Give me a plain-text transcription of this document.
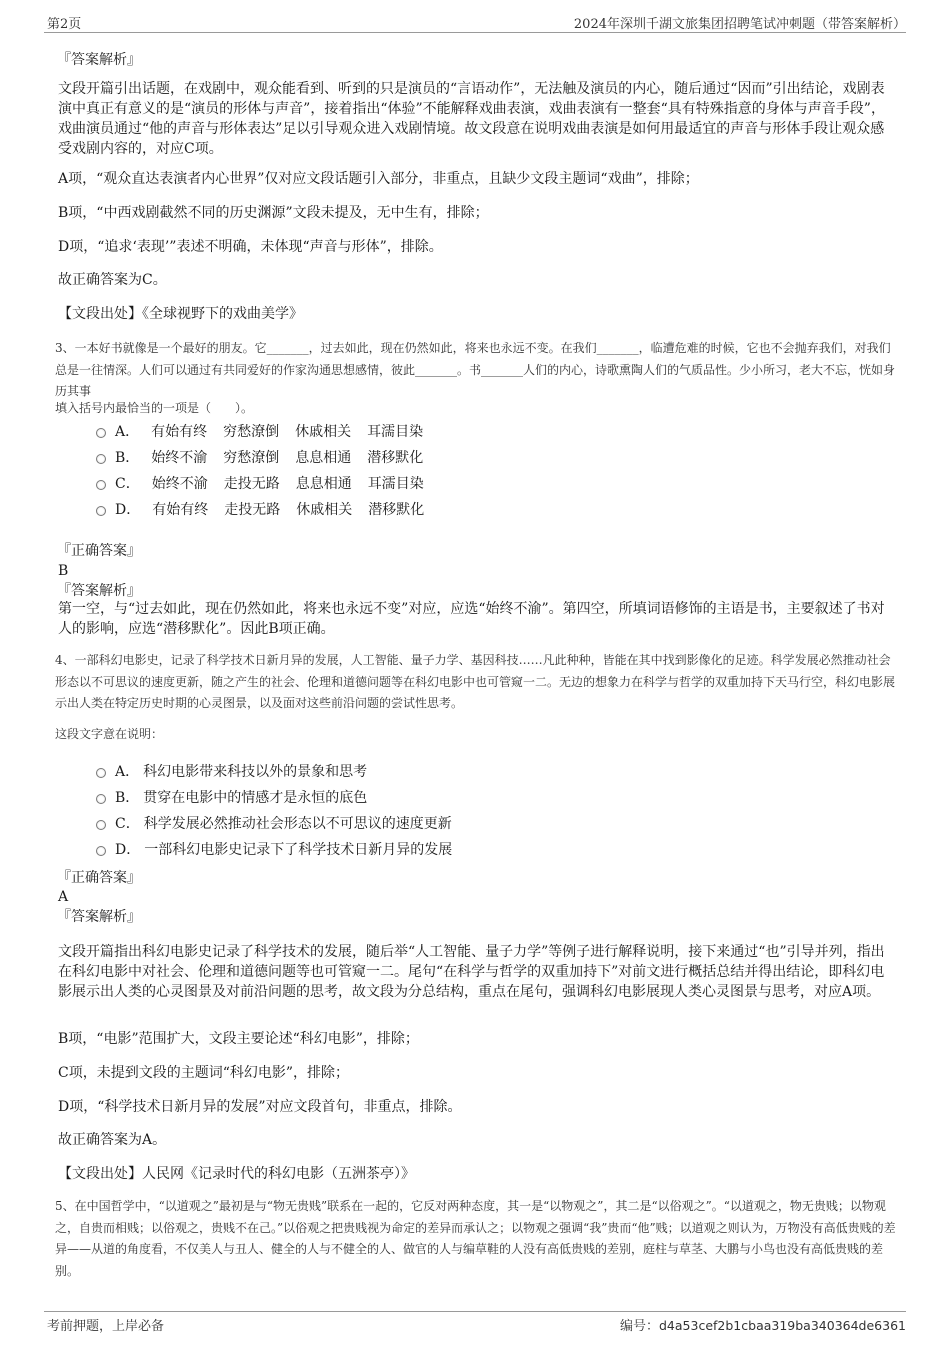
第2页	2024年深圳千湖文旅集团招聘笔试冲刺题（带答案解析）
『答案解析』
文段开篇引出话题，在戏剧中，观众能看到、听到的只是演员的“言语动作”，无法触及演员的内心，随后通过“因而”引出结论，戏剧表演中真正有意义的是“演员的形体与声音”，接着指出“体验”不能解释戏曲表演，戏曲表演有一整套“具有特殊指意的身体与声音手段”，戏曲演员通过“他的声音与形体表达”足以引导观众进入戏剧情境。故文段意在说明戏曲表演是如何用最适宜的声音与形体手段让观众感受戏剧内容的，对应C项。
A项，“观众直达表演者内心世界”仅对应文段话题引入部分，非重点，且缺少文段主题词“戏曲”，排除；
B项，“中西戏剧截然不同的历史渊源”文段未提及，无中生有，排除；
D项，“追求‘表现’”表述不明确，未体现“声音与形体”，排除。
故正确答案为C。
【文段出处】《全球视野下的戏曲美学》
3、一本好书就像是一个最好的朋友。它_______，过去如此，现在仍然如此，将来也永远不变。在我们_______，临遭危难的时候，它也不会抛弃我们，对我们总是一往情深。人们可以通过有共同爱好的作家沟通思想感情，彼此_______。书_______人们的内心，诗歌熏陶人们的气质品性。少小所习，老大不忘，恍如身历其事
填入括号内最恰当的一项是（　　）。
A． 有始有终 穷愁潦倒 休戚相关 耳濡目染
B． 始终不渝 穷愁潦倒 息息相通 潜移默化
C． 始终不渝 走投无路 息息相通 耳濡目染
D． 有始有终 走投无路 休戚相关 潜移默化
『正确答案』
B
『答案解析』
第一空，与“过去如此，现在仍然如此，将来也永远不变”对应，应选“始终不渝”。第四空，所填词语修饰的主语是书，主要叙述了书对人的影响，应选“潜移默化”。因此B项正确。
4、一部科幻电影史，记录了科学技术日新月异的发展，人工智能、量子力学、基因科技……凡此种种，皆能在其中找到影像化的足迹。科学发展必然推动社会形态以不可思议的速度更新，随之产生的社会、伦理和道德问题等在科幻电影中也可管窥一二。无边的想象力在科学与哲学的双重加持下天马行空，科幻电影展示出人类在特定历史时期的心灵图景，以及面对这些前沿问题的尝试性思考。
这段文字意在说明：
A． 科幻电影带来科技以外的景象和思考
B． 贯穿在电影中的情感才是永恒的底色
C． 科学发展必然推动社会形态以不可思议的速度更新
D． 一部科幻电影史记录下了科学技术日新月异的发展
『正确答案』
A
『答案解析』
文段开篇指出科幻电影史记录了科学技术的发展，随后举“人工智能、量子力学”等例子进行解释说明，接下来通过“也”引导并列，指出在科幻电影中对社会、伦理和道德问题等也可管窥一二。尾句“在科学与哲学的双重加持下”对前文进行概括总结并得出结论，即科幻电影展示出人类的心灵图景及对前沿问题的思考，故文段为分总结构，重点在尾句，强调科幻电影展现人类心灵图景与思考，对应A项。
B项，“电影”范围扩大，文段主要论述“科幻电影”，排除；
C项，未提到文段的主题词“科幻电影”，排除；
D项，“科学技术日新月异的发展”对应文段首句，非重点，排除。
故正确答案为A。
【文段出处】人民网《记录时代的科幻电影（五洲茶亭）》
5、在中国哲学中，“以道观之”最初是与“物无贵贱”联系在一起的，它反对两种态度，其一是“以物观之”，其二是“以俗观之”。“以道观之，物无贵贱；以物观之，自贵而相贱；以俗观之，贵贱不在己。”以俗观之把贵贱视为命定的差异而承认之；以物观之强调“我”贵而“他”贱；以道观之则认为，万物没有高低贵贱的差异——从道的角度看，不仅美人与丑人、健全的人与不健全的人、做官的人与编草鞋的人没有高低贵贱的差别，庭柱与草茎、大鹏与小鸟也没有高低贵贱的差别。
考前押题，上岸必备	编号：d4a53cef2b1cbaa319ba340364de6361
